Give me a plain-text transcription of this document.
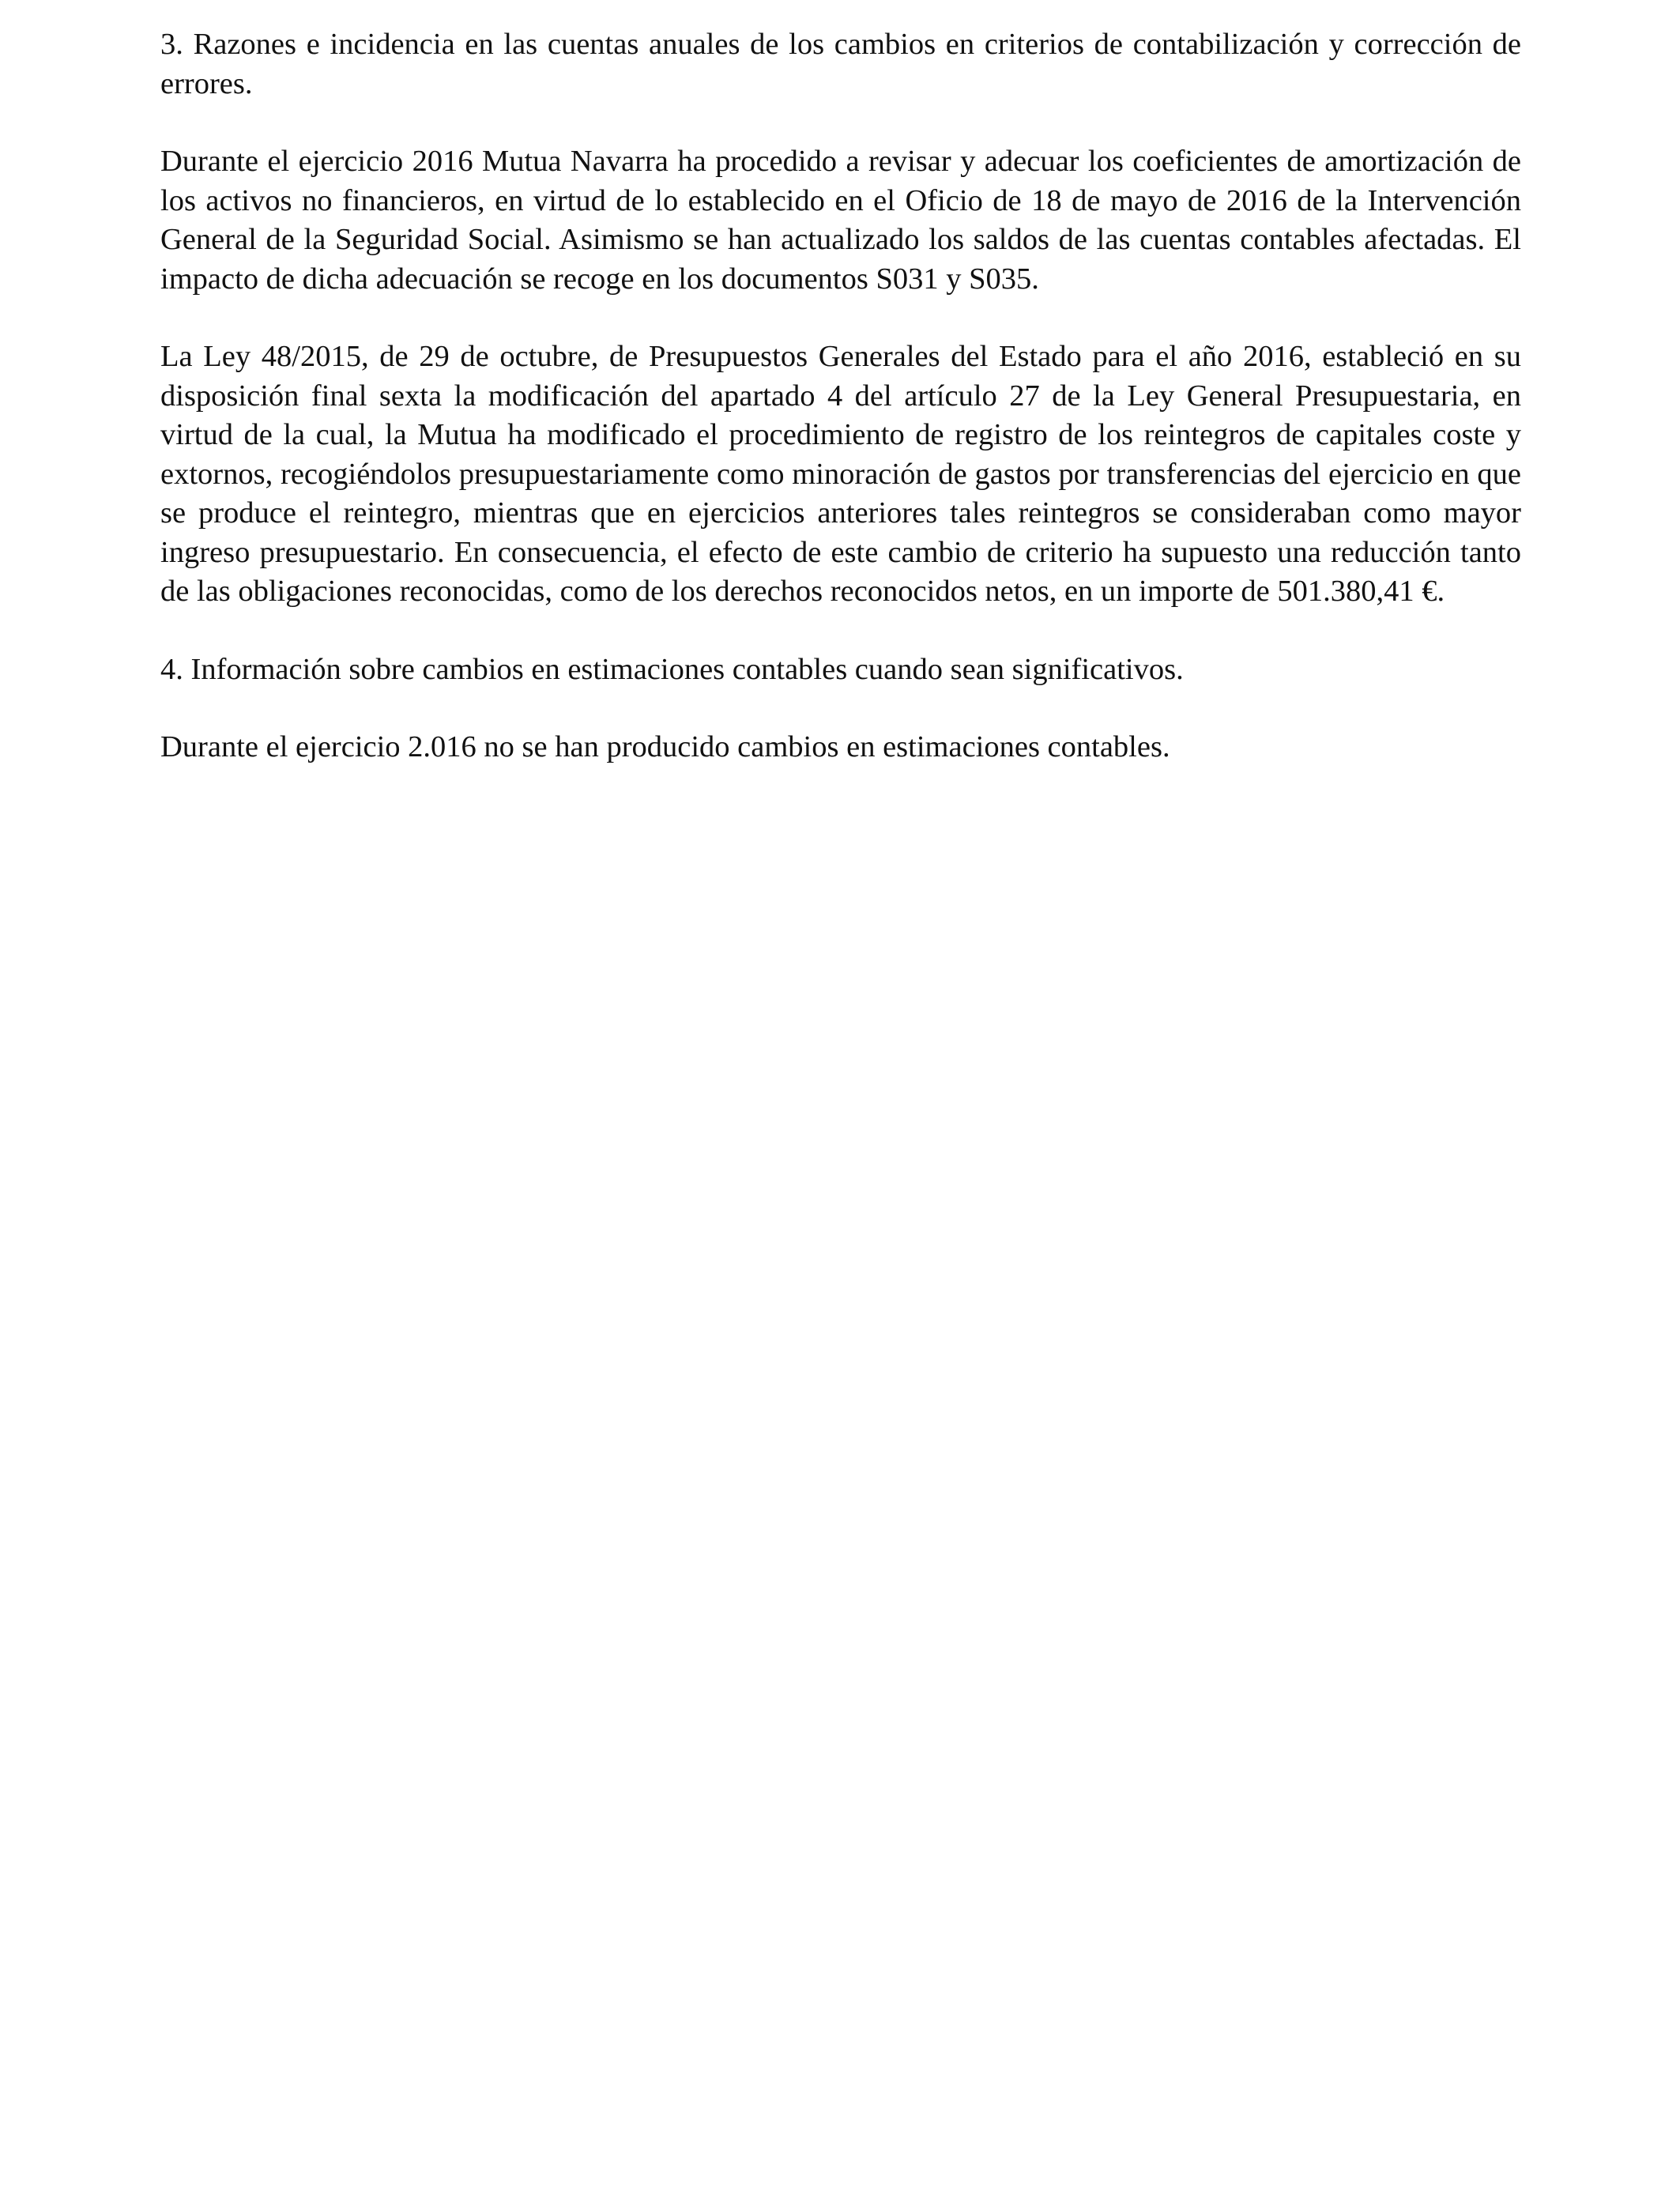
3. Razones e incidencia en las cuentas anuales de los cambios en criterios de contabilización y corrección de errores.

Durante el ejercicio 2016 Mutua Navarra ha procedido a revisar y adecuar los coeficientes de amortización de los activos no financieros, en virtud de lo establecido en el Oficio de 18 de mayo de 2016 de la Intervención General de la Seguridad Social. Asimismo se han actualizado los saldos de las cuentas contables afectadas. El impacto de dicha adecuación se recoge en los documentos S031 y S035.

La Ley 48/2015, de 29 de octubre, de Presupuestos Generales del Estado para el año 2016, estableció en su disposición final sexta la modificación del apartado 4 del artículo 27 de la Ley General Presupuestaria, en virtud de la cual, la Mutua ha modificado el procedimiento de registro de los reintegros de capitales coste y extornos, recogiéndolos presupuestariamente como minoración de gastos por transferencias del ejercicio en que se produce el reintegro, mientras que en ejercicios anteriores tales reintegros se consideraban como mayor ingreso presupuestario. En consecuencia, el efecto de este cambio de criterio ha supuesto una reducción tanto de las obligaciones reconocidas, como de los derechos reconocidos netos, en un importe de 501.380,41 €.

4. Información sobre cambios en estimaciones contables cuando sean significativos.

Durante el ejercicio 2.016 no se han producido cambios en estimaciones contables.
